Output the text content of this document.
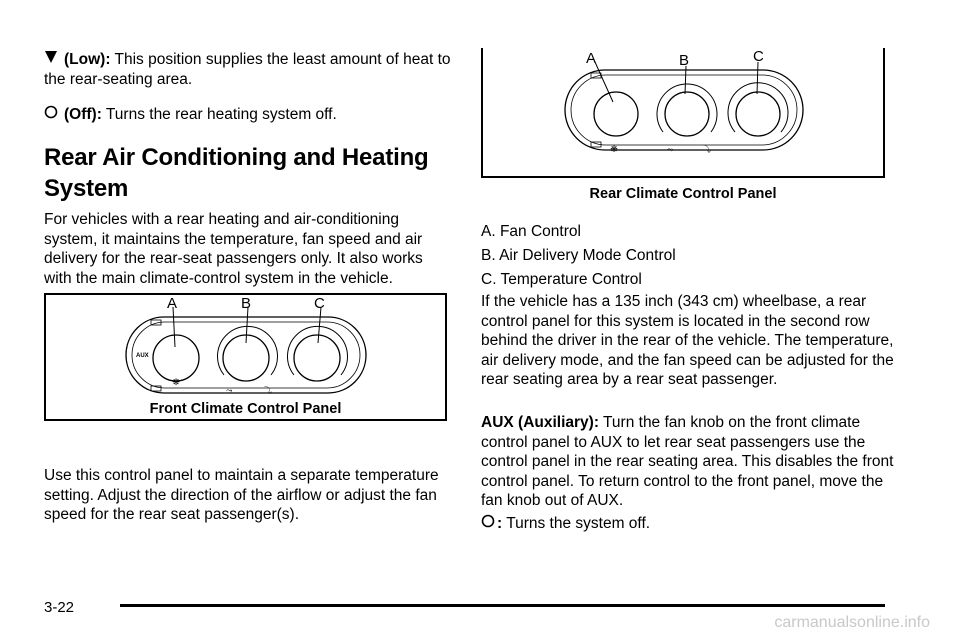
(Low): This position supplies the least amount of heat to the rear-seating area.

(Off): Turns the rear heating system off.

Rear Air Conditioning and Heating System

For vehicles with a rear heating and air-conditioning system, it maintains the temperature, fan speed and air delivery for the rear-seat passengers only. It also works with the main climate-control system in the vehicle.

❋
⤳	⤵
A	B	C
AUX
Front Climate Control Panel

Use this control panel to maintain a separate temperature setting. Adjust the direction of the airflow or adjust the fan speed for the rear seat passenger(s).

❋	⤳	⤵
A	B	C
Rear Climate Control Panel

A. Fan Control

B. Air Delivery Mode Control

C. Temperature Control

If the vehicle has a 135 inch (343 cm) wheelbase, a rear control panel for this system is located in the second row behind the driver in the rear of the vehicle. The temperature, air delivery mode, and the fan speed can be adjusted for the rear seating area by a rear seat passenger.

AUX (Auxiliary): Turn the fan knob on the front climate control panel to AUX to let rear seat passengers use the control panel in the rear seating area. This disables the front control panel. To return control to the front panel, move the fan knob out of AUX.

: Turns the system off.

3-22
carmanualsonline.info
